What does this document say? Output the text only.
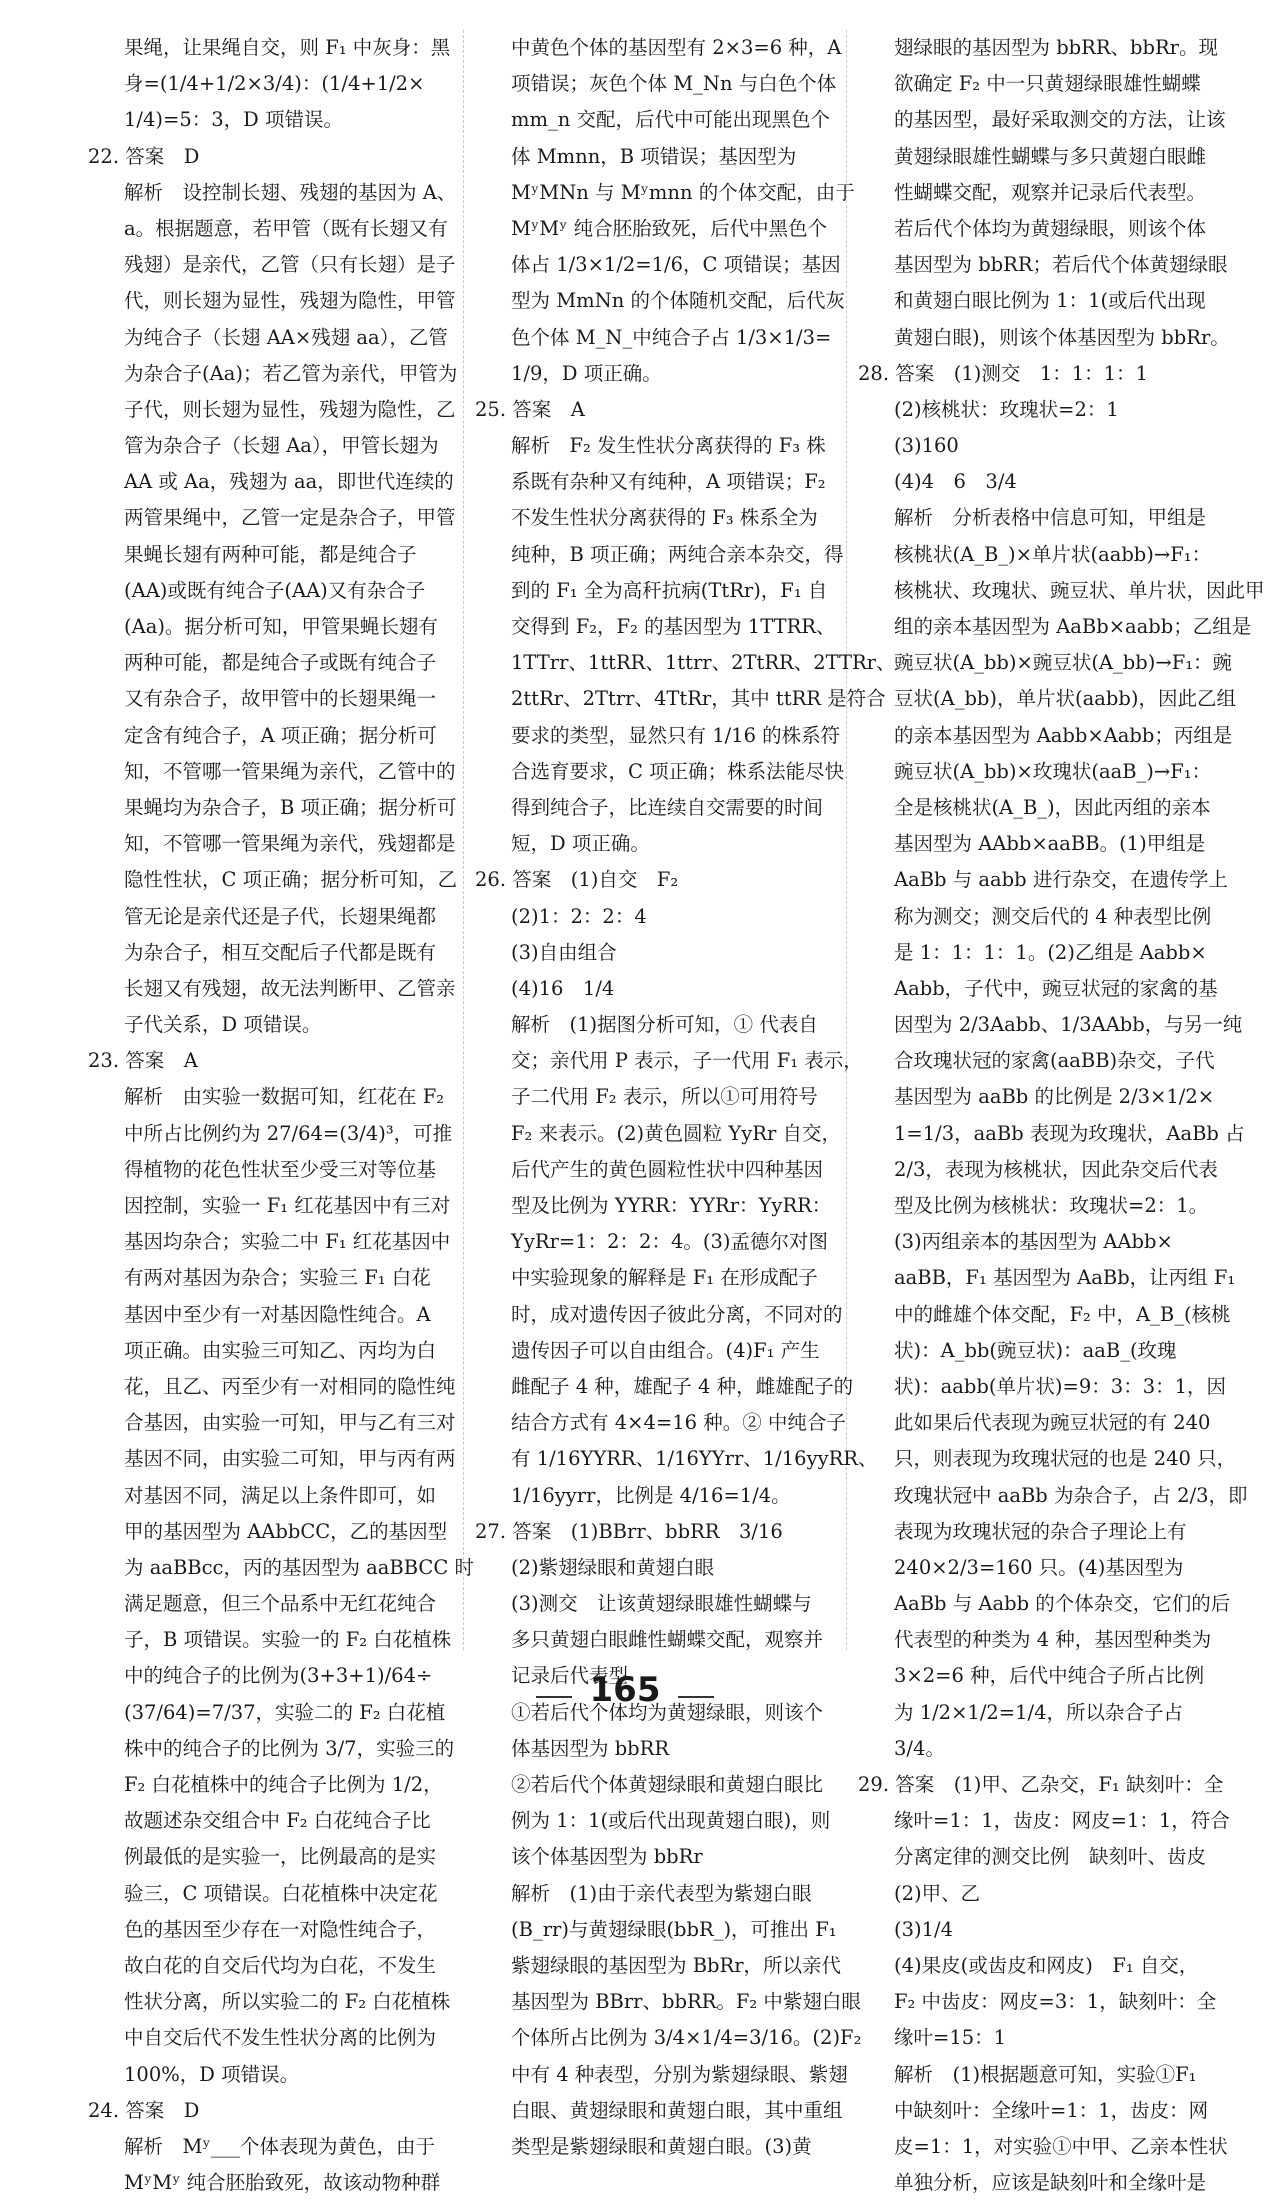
果绳，让果绳自交，则 F₁ 中灰身：黑
身=(1/4+1/2×3/4)：(1/4+1/2×
1/4)=5：3，D 项错误。
22. 答案　D
解析　设控制长翅、残翅的基因为 A、
a。根据题意，若甲管（既有长翅又有
残翅）是亲代，乙管（只有长翅）是子
代，则长翅为显性，残翅为隐性，甲管
为纯合子（长翅 AA×残翅 aa），乙管
为杂合子(Aa)；若乙管为亲代，甲管为
子代，则长翅为显性，残翅为隐性，乙
管为杂合子（长翅 Aa），甲管长翅为
AA 或 Aa，残翅为 aa，即世代连续的
两管果绳中，乙管一定是杂合子，甲管
果蝇长翅有两种可能，都是纯合子
(AA)或既有纯合子(AA)又有杂合子
(Aa)。据分析可知，甲管果蝇长翅有
两种可能，都是纯合子或既有纯合子
又有杂合子，故甲管中的长翅果绳一
定含有纯合子，A 项正确；据分析可
知，不管哪一管果绳为亲代，乙管中的
果蝇均为杂合子，B 项正确；据分析可
知，不管哪一管果绳为亲代，残翅都是
隐性性状，C 项正确；据分析可知，乙
管无论是亲代还是子代，长翅果绳都
为杂合子，相互交配后子代都是既有
长翅又有残翅，故无法判断甲、乙管亲
子代关系，D 项错误。
23. 答案　A
解析　由实验一数据可知，红花在 F₂
中所占比例约为 27/64=(3/4)³，可推
得植物的花色性状至少受三对等位基
因控制，实验一 F₁ 红花基因中有三对
基因均杂合；实验二中 F₁ 红花基因中
有两对基因为杂合；实验三 F₁ 白花
基因中至少有一对基因隐性纯合。A
项正确。由实验三可知乙、丙均为白
花，且乙、丙至少有一对相同的隐性纯
合基因，由实验一可知，甲与乙有三对
基因不同，由实验二可知，甲与丙有两
对基因不同，满足以上条件即可，如
甲的基因型为 AAbbCC，乙的基因型
为 aaBBcc，丙的基因型为 aaBBCC 时
满足题意，但三个品系中无红花纯合
子，B 项错误。实验一的 F₂ 白花植株
中的纯合子的比例为(3+3+1)/64÷
(37/64)=7/37，实验二的 F₂ 白花植
株中的纯合子的比例为 3/7，实验三的
F₂ 白花植株中的纯合子比例为 1/2，
故题述杂交组合中 F₂ 白花纯合子比
例最低的是实验一，比例最高的是实
验三，C 项错误。白花植株中决定花
色的基因至少存在一对隐性纯合子，
故白花的自交后代均为白花，不发生
性状分离，所以实验二的 F₂ 白花植株
中自交后代不发生性状分离的比例为
100%，D 项错误。
24. 答案　D
解析　Mʸ___个体表现为黄色，由于
MʸMʸ 纯合胚胎致死，故该动物种群
中黄色个体的基因型有 2×3=6 种，A
项错误；灰色个体 M_Nn 与白色个体
mm_n 交配，后代中可能出现黑色个
体 Mmnn，B 项错误；基因型为
MʸMNn 与 Mʸmnn 的个体交配，由于
MʸMʸ 纯合胚胎致死，后代中黑色个
体占 1/3×1/2=1/6，C 项错误；基因
型为 MmNn 的个体随机交配，后代灰
色个体 M_N_中纯合子占 1/3×1/3=
1/9，D 项正确。
25. 答案　A
解析　F₂ 发生性状分离获得的 F₃ 株
系既有杂种又有纯种，A 项错误；F₂
不发生性状分离获得的 F₃ 株系全为
纯种，B 项正确；两纯合亲本杂交，得
到的 F₁ 全为高秆抗病(TtRr)，F₁ 自
交得到 F₂，F₂ 的基因型为 1TTRR、
1TTrr、1ttRR、1ttrr、2TtRR、2TTRr、
2ttRr、2Ttrr、4TtRr，其中 ttRR 是符合
要求的类型，显然只有 1/16 的株系符
合选育要求，C 项正确；株系法能尽快
得到纯合子，比连续自交需要的时间
短，D 项正确。
26. 答案　(1)自交　F₂
(2)1：2：2：4
(3)自由组合
(4)16　1/4
解析　(1)据图分析可知，① 代表自
交；亲代用 P 表示，子一代用 F₁ 表示，
子二代用 F₂ 表示，所以①可用符号
F₂ 来表示。(2)黄色圆粒 YyRr 自交，
后代产生的黄色圆粒性状中四种基因
型及比例为 YYRR：YYRr：YyRR：
YyRr=1：2：2：4。(3)孟德尔对图
中实验现象的解释是 F₁ 在形成配子
时，成对遗传因子彼此分离，不同对的
遗传因子可以自由组合。(4)F₁ 产生
雌配子 4 种，雄配子 4 种，雌雄配子的
结合方式有 4×4=16 种。② 中纯合子
有 1/16YYRR、1/16YYrr、1/16yyRR、
1/16yyrr，比例是 4/16=1/4。
27. 答案　(1)BBrr、bbRR　3/16
(2)紫翅绿眼和黄翅白眼
(3)测交　让该黄翅绿眼雄性蝴蝶与
多只黄翅白眼雌性蝴蝶交配，观察并
记录后代表型
①若后代个体均为黄翅绿眼，则该个
体基因型为 bbRR
②若后代个体黄翅绿眼和黄翅白眼比
例为 1：1(或后代出现黄翅白眼)，则
该个体基因型为 bbRr
解析　(1)由于亲代表型为紫翅白眼
(B_rr)与黄翅绿眼(bbR_)，可推出 F₁
紫翅绿眼的基因型为 BbRr，所以亲代
基因型为 BBrr、bbRR。F₂ 中紫翅白眼
个体所占比例为 3/4×1/4=3/16。(2)F₂
中有 4 种表型，分别为紫翅绿眼、紫翅
白眼、黄翅绿眼和黄翅白眼，其中重组
类型是紫翅绿眼和黄翅白眼。(3)黄
翅绿眼的基因型为 bbRR、bbRr。现
欲确定 F₂ 中一只黄翅绿眼雄性蝴蝶
的基因型，最好采取测交的方法，让该
黄翅绿眼雄性蝴蝶与多只黄翅白眼雌
性蝴蝶交配，观察并记录后代表型。
若后代个体均为黄翅绿眼，则该个体
基因型为 bbRR；若后代个体黄翅绿眼
和黄翅白眼比例为 1：1(或后代出现
黄翅白眼)，则该个体基因型为 bbRr。
28. 答案　(1)测交　1：1：1：1
(2)核桃状：玫瑰状=2：1
(3)160
(4)4　6　3/4
解析　分析表格中信息可知，甲组是
核桃状(A_B_)×单片状(aabb)→F₁：
核桃状、玫瑰状、豌豆状、单片状，因此甲
组的亲本基因型为 AaBb×aabb；乙组是
豌豆状(A_bb)×豌豆状(A_bb)→F₁：豌
豆状(A_bb)，单片状(aabb)，因此乙组
的亲本基因型为 Aabb×Aabb；丙组是
豌豆状(A_bb)×玫瑰状(aaB_)→F₁：
全是核桃状(A_B_)，因此丙组的亲本
基因型为 AAbb×aaBB。(1)甲组是
AaBb 与 aabb 进行杂交，在遗传学上
称为测交；测交后代的 4 种表型比例
是 1：1：1：1。(2)乙组是 Aabb×
Aabb，子代中，豌豆状冠的家禽的基
因型为 2/3Aabb、1/3AAbb，与另一纯
合玫瑰状冠的家禽(aaBB)杂交，子代
基因型为 aaBb 的比例是 2/3×1/2×
1=1/3，aaBb 表现为玫瑰状，AaBb 占
2/3，表现为核桃状，因此杂交后代表
型及比例为核桃状：玫瑰状=2：1。
(3)丙组亲本的基因型为 AAbb×
aaBB，F₁ 基因型为 AaBb，让丙组 F₁
中的雌雄个体交配，F₂ 中，A_B_(核桃
状)：A_bb(豌豆状)：aaB_(玫瑰
状)：aabb(单片状)=9：3：3：1，因
此如果后代表现为豌豆状冠的有 240
只，则表现为玫瑰状冠的也是 240 只，
玫瑰状冠中 aaBb 为杂合子，占 2/3，即
表现为玫瑰状冠的杂合子理论上有
240×2/3=160 只。(4)基因型为
AaBb 与 Aabb 的个体杂交，它们的后
代表型的种类为 4 种，基因型种类为
3×2=6 种，后代中纯合子所占比例
为 1/2×1/2=1/4，所以杂合子占
3/4。
29. 答案　(1)甲、乙杂交，F₁ 缺刻叶：全
缘叶=1：1，齿皮：网皮=1：1，符合
分离定律的测交比例　缺刻叶、齿皮
(2)甲、乙
(3)1/4
(4)果皮(或齿皮和网皮)　F₁ 自交，
F₂ 中齿皮：网皮=3：1，缺刻叶：全
缘叶=15：1
解析　(1)根据题意可知，实验①F₁
中缺刻叶：全缘叶=1：1，齿皮：网
皮=1：1，对实验①中甲、乙亲本性状
单独分析，应该是缺刻叶和全缘叶是
165
